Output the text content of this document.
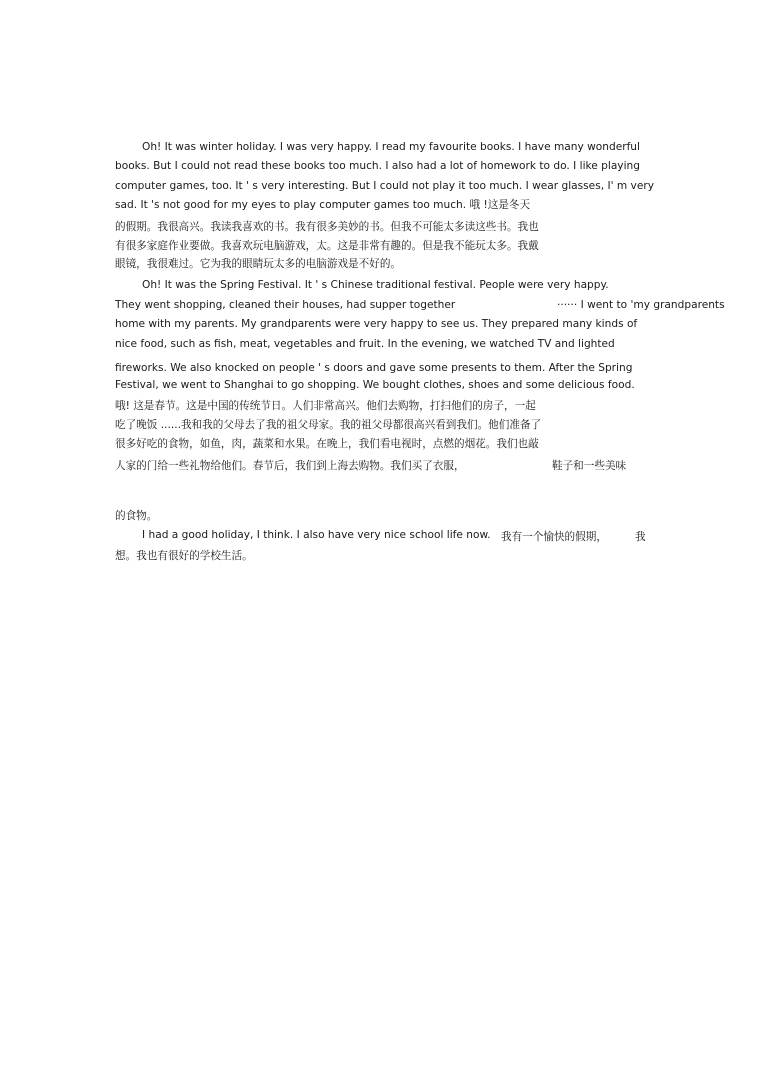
Oh! It was winter holiday. I was very happy. I read my favourite books. I have many wonderful

books. But I could not read these books too much. I also had a lot of homework to do. I like playing

computer games, too. It ' s very interesting. But I could not play it too much. I wear glasses, I' m very

sad. It 's not good for my eyes to play computer games too much. 哦 !这是冬天

的假期。我很高兴。我读我喜欢的书。我有很多美妙的书。但我不可能太多读这些书。我也

有很多家庭作业要做。我喜欢玩电脑游戏，太。这是非常有趣的。但是我不能玩太多。我戴

眼镜，我很难过。它为我的眼睛玩太多的电脑游戏是不好的。

Oh! It was the Spring Festival. It ' s Chinese traditional festival. People were very happy.

They went shopping, cleaned their houses, had supper together	······ I went to 'my grandparents

home with my parents. My grandparents were very happy to see us. They prepared many kinds of

nice food, such as fish, meat, vegetables and fruit. In the evening, we watched TV and lighted

fireworks. We also knocked on people ' s doors and gave some presents to them. After the Spring

Festival, we went to Shanghai to go shopping. We bought clothes, shoes and some delicious food.

哦! 这是春节。这是中国的传统节日。人们非常高兴。他们去购物，打扫他们的房子，一起

吃了晚饭 ......我和我的父母去了我的祖父母家。我的祖父母都很高兴看到我们。他们准备了

很多好吃的食物，如鱼，肉，蔬菜和水果。在晚上，我们看电视时，点燃的烟花。我们也敲

人家的门给一些礼物给他们。春节后，我们到上海去购物。我们买了衣服，	鞋子和一些美味

的食物。

I had a good holiday, I think. I also have very nice school life now. 我有一个愉快的假期，	我

想。我也有很好的学校生活。
